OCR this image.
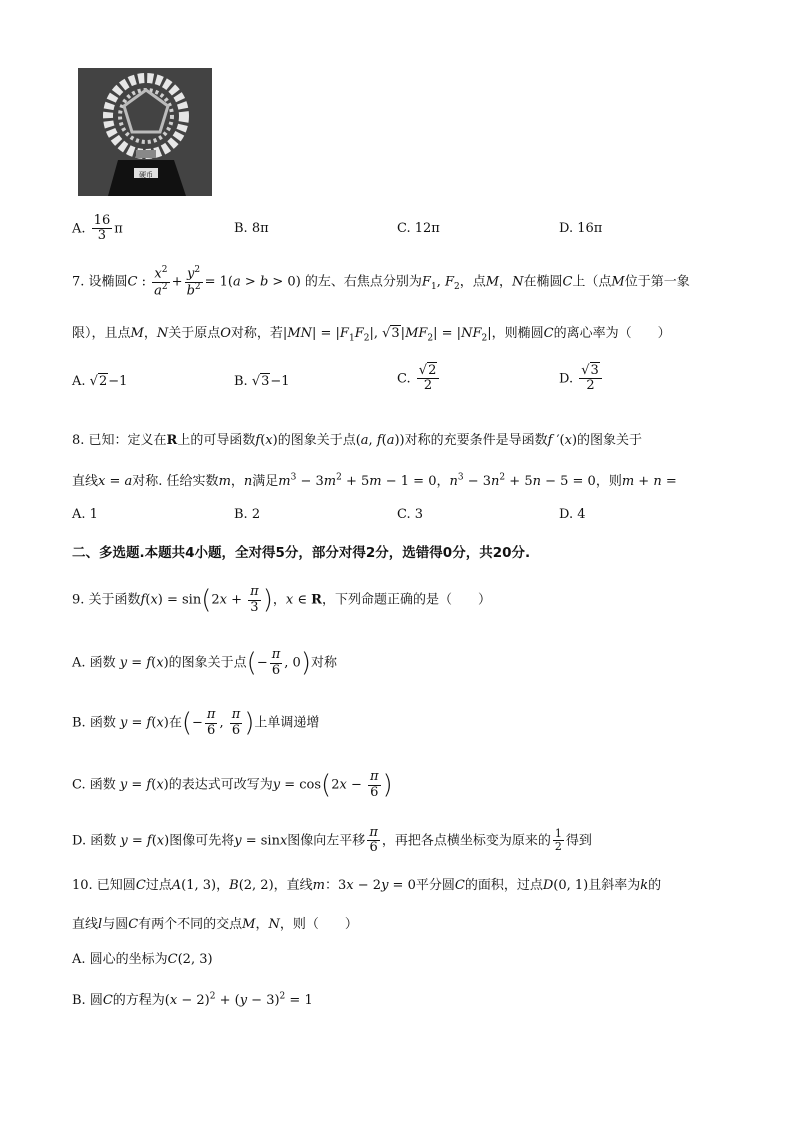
硬币
A. $\frac{16}{3}$ π	B. 8π	C. 12π	D. 16π
7. 设椭圆C : $\frac{x^2}{a^2} + \frac{y^2}{b^2} = 1(a > b > 0)$ 的左、右焦点分别为$F_1$, $F_2$，点M，N在椭圆C上（点M位于第一象
限），且点M，N关于原点O对称，若$|MN| = |F_1F_2|$, $√3|MF_2| = |NF_2|$，则椭圆C的离心率为（　　）
A. √2−1	B. √3−1	C. $\frac{√2}{2}$	D. $\frac{√3}{2}$
8. 已知：定义在R上的可导函数f(x)的图象关于点(a, f(a))对称的充要条件是导函数f ′(x)的图象关于
直线x = a对称. 任给实数m，n满足$m^3 - 3m^2 + 5m - 1 = 0$，$n^3 - 3n^2 + 5n - 5 = 0$，则m + n =
A. 1	B. 2	C. 3	D. 4
二、多选题.本题共4小题，全对得5分，部分对得2分，选错得0分，共20分.
9. 关于函数$f(x) = \sin(2x + \frac{\pi}{3}$ )，x ∈ R，下列命题正确的是（　　）
A. 函数 y = f(x)的图象关于点(− $\frac{\pi}{6}$ , 0)对称
B. 函数 y = f(x)在(− $\frac{\pi}{6}$ , $\frac{\pi}{6}$ )上单调递增
C. 函数 y = f(x)的表达式可改写为$y = \cos(2x - \frac{\pi}{6}$ )
D. 函数 y = f(x)图像可先将y = sinx图像向左平移 $\frac{\pi}{6}$ ，再把各点横坐标变为原来的 $\frac{1}{2}$ 得到
10. 已知圆C过点A(1, 3)，B(2, 2)，直线m：3x − 2y = 0平分圆C的面积，过点D(0, 1)且斜率为k的
直线l与圆C有两个不同的交点M，N，则（　　）
A. 圆心的坐标为C(2, 3)
B. 圆C的方程为$(x - 2)^2 + (y - 3)^2 = 1$
